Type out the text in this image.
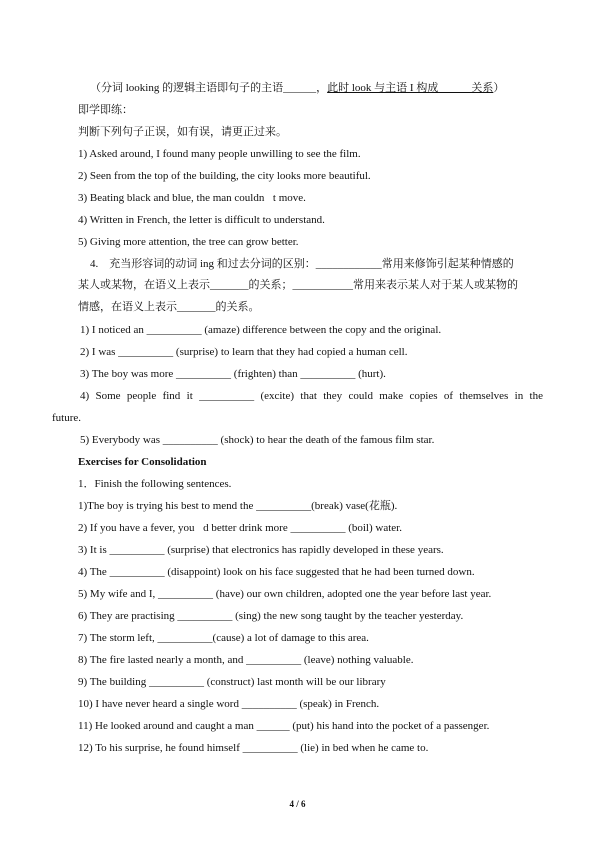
（分词 looking 的逻辑主语即句子的主语______，此时 look 与主语 I 构成______关系）
即学即练：
判断下列句子正误，如有误，请更正过来。
1) Asked around, I found many people unwilling to see the film.
2) Seen from the top of the building, the city looks more beautiful.
3) Beating black and blue, the man couldn t move.
4) Written in French, the letter is difficult to understand.
5) Giving more attention, the tree can grow better.
4.　充当形容词的动词 ing 和过去分词的区别：____________常用来修饰引起某种情感的
某人或某物，在语义上表示_______的关系；___________常用来表示某人对于某人或某物的
情感，在语义上表示_______的关系。
1) I noticed an __________ (amaze) difference between the copy and the original.
2) I was __________ (surprise) to learn that they had copied a human cell.
3) The boy was more __________ (frighten) than __________ (hurt).
4) Some people find it __________ (excite) that they could make copies of themselves in the
future.
5) Everybody was __________ (shock) to hear the death of the famous film star.
Exercises for Consolidation
1．Finish the following sentences.
1)The boy is trying his best to mend the __________(break) vase(花瓶).
2) If you have a fever, you d better drink more __________ (boil) water.
3) It is __________ (surprise) that electronics has rapidly developed in these years.
4) The __________ (disappoint) look on his face suggested that he had been turned down.
5) My wife and I, __________ (have) our own children, adopted one the year before last year.
6) They are practising __________ (sing) the new song taught by the teacher yesterday.
7) The storm left, __________(cause) a lot of damage to this area.
8) The fire lasted nearly a month, and __________ (leave) nothing valuable.
9) The building __________ (construct) last month will be our library
10) I have never heard a single word __________ (speak) in French.
11) He looked around and caught a man ______ (put) his hand into the pocket of a passenger.
12) To his surprise, he found himself __________ (lie) in bed when he came to.
4 / 6
